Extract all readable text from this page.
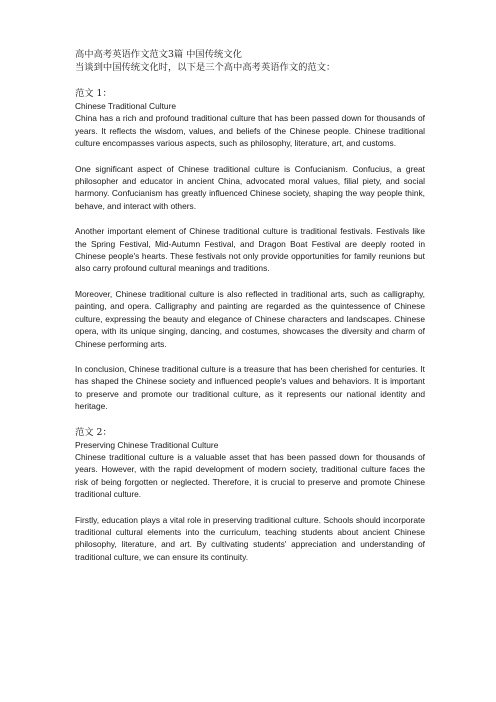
高中高考英语作文范文3篇 中国传统文化
当谈到中国传统文化时，以下是三个高中高考英语作文的范文：
范文 1：
Chinese Traditional Culture

China has a rich and profound traditional culture that has been passed down for thousands of years. It reflects the wisdom, values, and beliefs of the Chinese people. Chinese traditional culture encompasses various aspects, such as philosophy, literature, art, and customs.

One significant aspect of Chinese traditional culture is Confucianism. Confucius, a great philosopher and educator in ancient China, advocated moral values, filial piety, and social harmony. Confucianism has greatly influenced Chinese society, shaping the way people think, behave, and interact with others.

Another important element of Chinese traditional culture is traditional festivals. Festivals like the Spring Festival, Mid-Autumn Festival, and Dragon Boat Festival are deeply rooted in Chinese people's hearts. These festivals not only provide opportunities for family reunions but also carry profound cultural meanings and traditions.

Moreover, Chinese traditional culture is also reflected in traditional arts, such as calligraphy, painting, and opera. Calligraphy and painting are regarded as the quintessence of Chinese culture, expressing the beauty and elegance of Chinese characters and landscapes. Chinese opera, with its unique singing, dancing, and costumes, showcases the diversity and charm of Chinese performing arts.

In conclusion, Chinese traditional culture is a treasure that has been cherished for centuries. It has shaped the Chinese society and influenced people's values and behaviors. It is important to preserve and promote our traditional culture, as it represents our national identity and heritage.

范文 2：
Preserving Chinese Traditional Culture

Chinese traditional culture is a valuable asset that has been passed down for thousands of years. However, with the rapid development of modern society, traditional culture faces the risk of being forgotten or neglected. Therefore, it is crucial to preserve and promote Chinese traditional culture.

Firstly, education plays a vital role in preserving traditional culture. Schools should incorporate traditional cultural elements into the curriculum, teaching students about ancient Chinese philosophy, literature, and art. By cultivating students' appreciation and understanding of traditional culture, we can ensure its continuity.
